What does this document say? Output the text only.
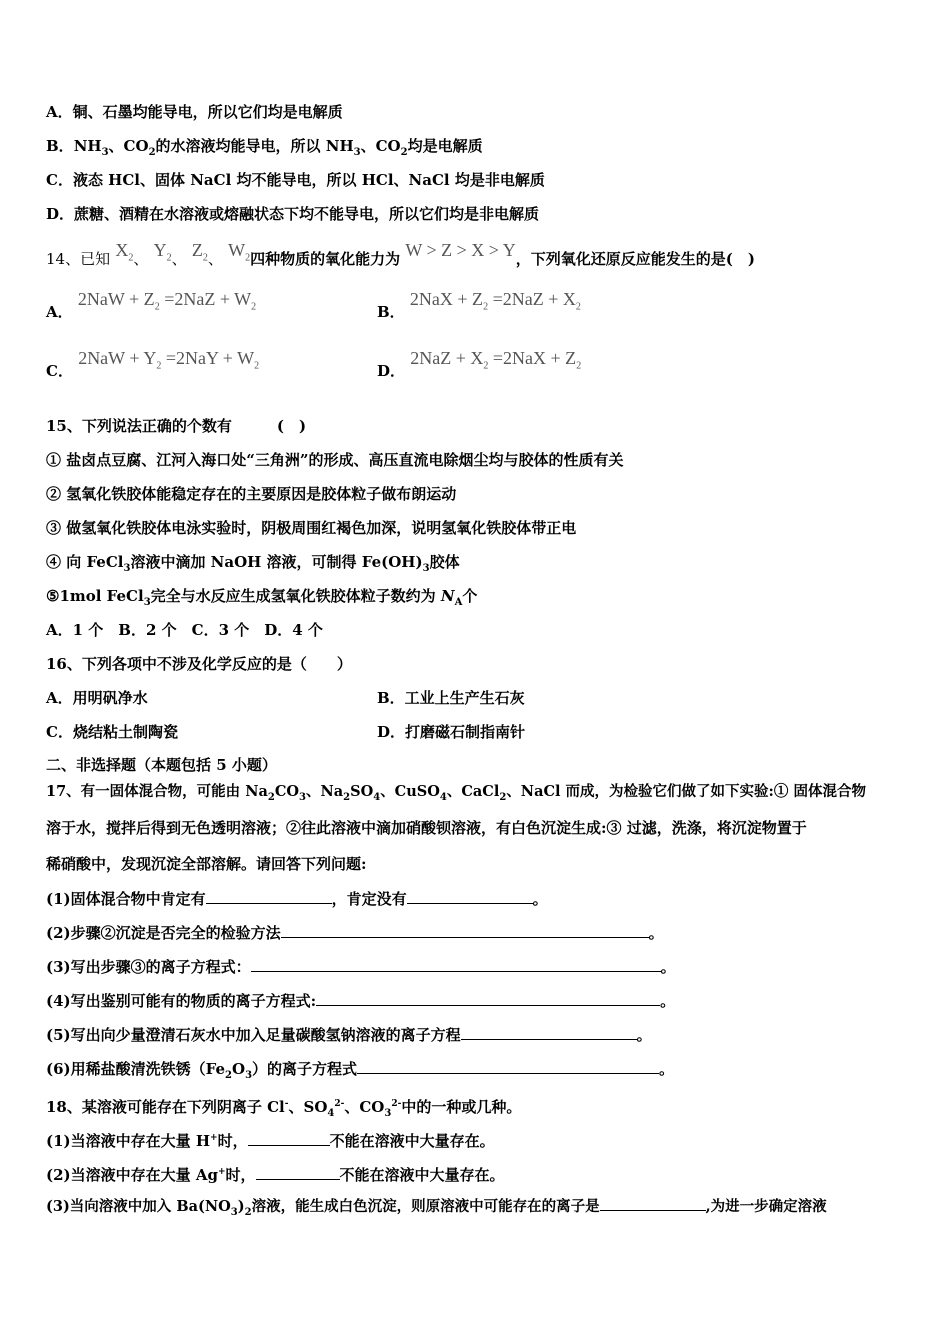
A．铜、石墨均能导电，所以它们均是电解质
B．$NH_3$、$CO_2$的水溶液均能导电，所以 $NH_3$、$CO_2$均是电解质
C．液态 HCl、固体 NaCl 均不能导电，所以 HCl、NaCl 均是非电解质
D．蔗糖、酒精在水溶液或熔融状态下均不能导电，所以它们均是非电解质
14、已知 $X_2$、 $Y_2$、 $Z_2$、 $W_2$四种物质的氧化能力为 W > Z > X > Y，下列氧化还原反应能发生的是(　)
A． $2NaW + Z_2 =2NaZ + W_2$	B． $2NaX + Z_2 =2NaZ + X_2$
C． $2NaW + Y_2 =2NaY + W_2$	D． $2NaZ + X_2 =2NaX + Z_2$
15、下列说法正确的个数有　　　(　)
① 盐卤点豆腐、江河入海口处“三角洲”的形成、高压直流电除烟尘均与胶体的性质有关
② 氢氧化铁胶体能稳定存在的主要原因是胶体粒子做布朗运动
③ 做氢氧化铁胶体电泳实验时，阴极周围红褐色加深，说明氢氧化铁胶体带正电
④ 向 FeCl$_3$溶液中滴加 NaOH 溶液，可制得 $Fe(OH)_3$胶体
⑤1mol FeCl$_3$完全与水反应生成氢氧化铁胶体粒子数约为 $N_A$个
A．1 个　B．2 个　C．3 个　D．4 个
16、下列各项中不涉及化学反应的是（　　）
A．用明矾净水	B．工业上生产生石灰
C．烧结粘土制陶瓷	D．打磨磁石制指南针
二、非选择题（本题包括 5 小题）
17、有一固体混合物，可能由 $Na_2CO_3$、$Na_2SO_4$、CuSO$_4$、CaCl$_2$、NaCl 而成，为检验它们做了如下实验:① 固体混合物
溶于水，搅拌后得到无色透明溶液；②往此溶液中滴加硝酸钡溶液，有白色沉淀生成:③ 过滤，洗涤，将沉淀物置于
稀硝酸中，发现沉淀全部溶解。请回答下列问题:
(1)固体混合物中肯定有	，肯定没有	。
(2)步骤②沉淀是否完全的检验方法	。
(3)写出步骤③的离子方程式：	。
(4)写出鉴别可能有的物质的离子方程式:	。
(5)写出向少量澄清石灰水中加入足量碳酸氢钠溶液的离子方程	。
(6)用稀盐酸清洗铁锈$(Fe_2O_3)$的离子方程式	。
18、某溶液可能存在下列阴离子 Cl-、$SO_4^{2-}$、$CO_3^{2-}$中的一种或几种。
(1)当溶液中存在大量 H+时，	不能在溶液中大量存在。
(2)当溶液中存在大量 Ag+时，	不能在溶液中大量存在。
(3)当向溶液中加入 $Ba(NO_3)_2$溶液，能生成白色沉淀，则原溶液中可能存在的离子是	,为进一步确定溶液
